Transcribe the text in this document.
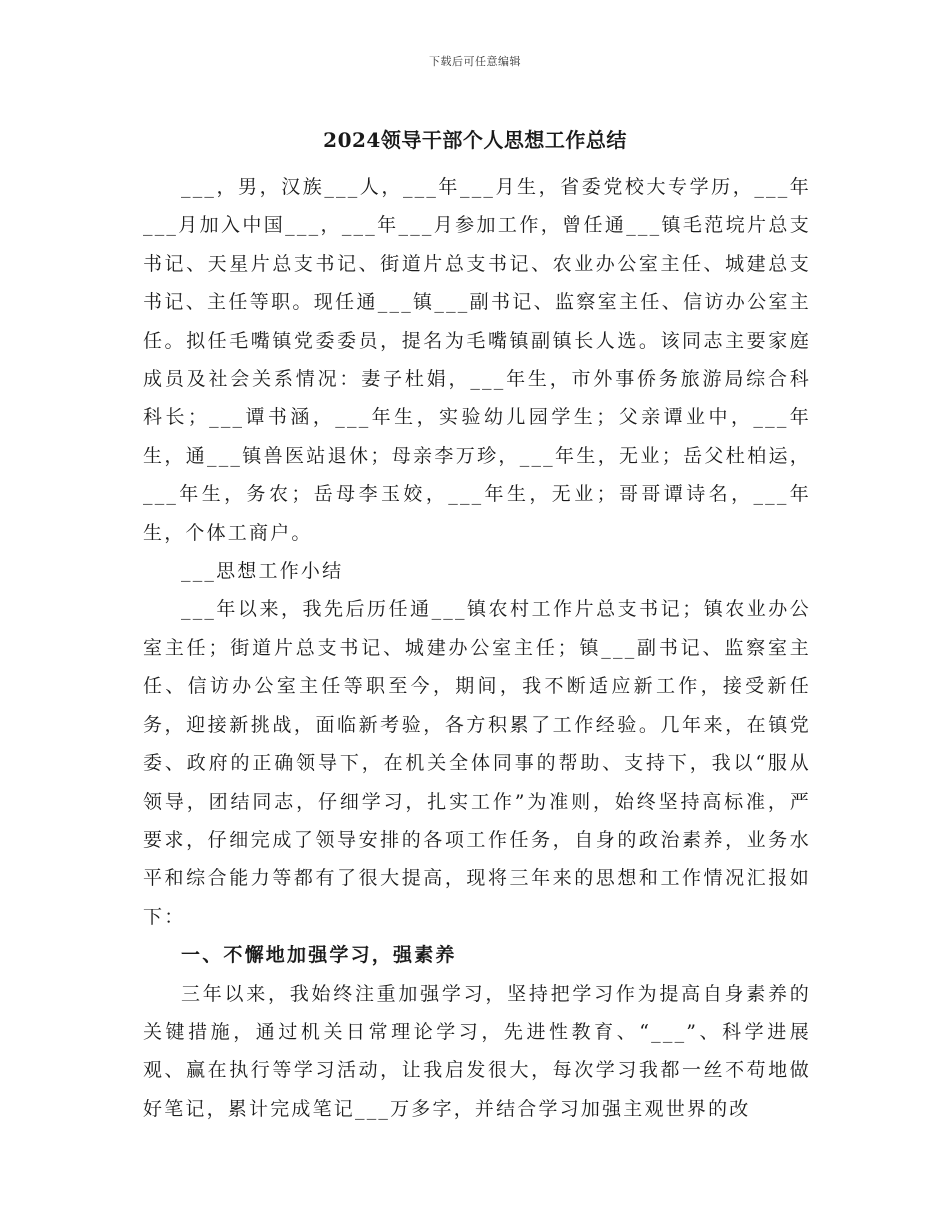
下载后可任意编辑
2024领导干部个人思想工作总结

___，男，汉族___人，___年___月生，省委党校大专学历，___年___月加入中国___，___年___月参加工作，曾任通___镇毛范垸片总支书记、天星片总支书记、街道片总支书记、农业办公室主任、城建总支书记、主任等职。现任通___镇___副书记、监察室主任、信访办公室主任。拟任毛嘴镇党委委员，提名为毛嘴镇副镇长人选。该同志主要家庭成员及社会关系情况：妻子杜娟，___年生，市外事侨务旅游局综合科科长；___谭书涵，___年生，实验幼儿园学生；父亲谭业中，___年生，通___镇兽医站退休；母亲李万珍，___年生，无业；岳父杜柏运，___年生，务农；岳母李玉姣，___年生，无业；哥哥谭诗名，___年生，个体工商户。

___思想工作小结

___年以来，我先后历任通___镇农村工作片总支书记；镇农业办公室主任；街道片总支书记、城建办公室主任；镇___副书记、监察室主任、信访办公室主任等职至今，期间，我不断适应新工作，接受新任务，迎接新挑战，面临新考验，各方积累了工作经验。几年来，在镇党委、政府的正确领导下，在机关全体同事的帮助、支持下，我以“服从领导，团结同志，仔细学习，扎实工作”为准则，始终坚持高标准，严要求，仔细完成了领导安排的各项工作任务，自身的政治素养，业务水平和综合能力等都有了很大提高，现将三年来的思想和工作情况汇报如下：

一、不懈地加强学习，强素养

三年以来，我始终注重加强学习，坚持把学习作为提高自身素养的关键措施，通过机关日常理论学习，先进性教育、“___”、科学进展观、赢在执行等学习活动，让我启发很大，每次学习我都一丝不苟地做好笔记，累计完成笔记___万多字，并结合学习加强主观世界的改
